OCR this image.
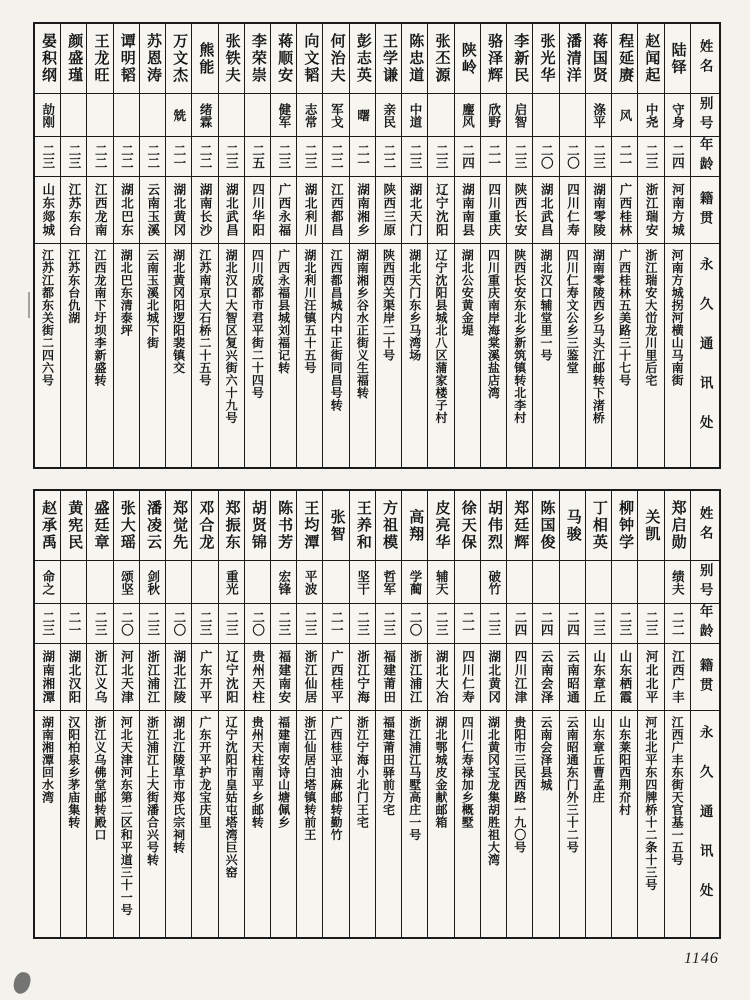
姓名
别号
年龄
籍贯
永久通讯处
陆铎
守身
二四
河南方城
河南方城拐河横山马南街
赵闻起
中尧
二三
浙江瑞安
浙江瑞安大峃龙川里后宅
程延赓
风
二一
广西桂林
广西桂林五美路三十七号
蒋国贤
涤平
二三
湖南零陵
湖南零陵西乡马头江邮转下渚桥
潘清洋
二〇
四川仁寿
四川仁寿文公乡三鉴堂
张光华
二〇
湖北武昌
湖北汉口辅堂里一号
李新民
启智
二三
陕西长安
陕西长安东北乡新筑镇转北李村
骆泽辉
欣野
二一
四川重庆
四川重庆南岸海棠溪盐店湾
陕岭
麈风
二四
湖南南县
湖北公安黄金堤
张丕源
二三
辽宁沈阳
辽宁沈阳县城北八区蒲家楼子村
陈忠道
中道
二三
湖北天门
湖北天门东乡马湾场
王学谦
亲民
二二
陕西三原
陕西西关渠岸二十号
彭志英
曙
二一
湖南湘乡
湖南湘乡谷水正街义生福转
何治夫
军戈
二二
江西都昌
江西都昌城内中正街同昌号转
向文韬
志常
二三
湖北利川
湖北利川汪镇五十五号
蒋顺安
健军
二三
广西永福
广西永福县城刘福记转
李荣崇
二五
四川华阳
四川成都市君平街二十四号
张铁夫
二三
湖北武昌
湖北汉口大智区复兴街六十九号
熊能
绪霖
二二
湖南长沙
江苏南京大石桥二十五号
万文杰
兟
二一
湖北黄冈
湖北黄冈阳逻阳裴镇交
苏恩涛
二二
云南玉溪
云南玉溪北城下街
谭明韬
二二
湖北巴东
湖北巴东清泰坪
王龙旺
二二
江西龙南
江西龙南下圩坝李新盛转
颜盛瑾
二三
江苏东台
江苏东台仇湖
晏积纲
劼刚
二三
山东郯城
江苏江都东关街二四六号
姓名
别号
年龄
籍贯
永久通讯处
郑启勋
绩夫
二二
江西广丰
江西广丰东街天官基一五号
关凯
二三
河北北平
河北北平东四牌桥十二条十三号
柳钟学
二三
山东栖霞
山东莱阳西荆夼村
丁相英
二三
山东章丘
山东章丘曹孟庄
马骏
二四
云南昭通
云南昭通东门外三十二号
陈国俊
二四
云南会泽
云南会泽县城
郑廷辉
二四
四川江津
贵阳市三民西路一九〇号
胡伟烈
破竹
二三
湖北黄冈
湖北黄冈宝龙集胡胜祖大湾
徐天保
二一
四川仁寿
四川仁寿禄加乡概墅
皮亮华
辅天
二三
湖北大冶
湖北鄂城皮金献邮箱
高翔
学蔺
二〇
浙江浦江
浙江浦江马墅高庄一号
方祖模
哲军
二三
福建莆田
福建莆田驿前方宅
王养和
坚干
二三
浙江宁海
浙江宁海小北门王宅
张智
二一
广西桂平
广西桂平油麻邮转勤竹
王均潭
平波
二三
浙江仙居
浙江仙居白塔镇转前王
陈书芳
宏锋
二三
福建南安
福建南安诗山塘佩乡
胡贤锦
二〇
贵州天柱
贵州天柱南平乡邮转
郑振东
重光
二三
辽宁沈阳
辽宁沈阳市皇姑屯塔湾巨兴窑
邓合龙
二三
广东开平
广东开平护龙宝庆里
郑觉先
二〇
湖北江陵
湖北江陵草市郑氏宗祠转
潘凌云
剑秋
二三
浙江浦江
浙江浦江上大街潘合兴号转
张大瑶
颂坚
二〇
河北天津
河北天津河东第二区和平道三十一号
盛廷章
二三
浙江义乌
浙江义乌佛堂邮转殿口
黄宪民
二一
湖北汉阳
汉阳柏泉乡茅庙集转
赵承禹
命之
二三
湖南湘潭
湖南湘潭回水湾
1146
